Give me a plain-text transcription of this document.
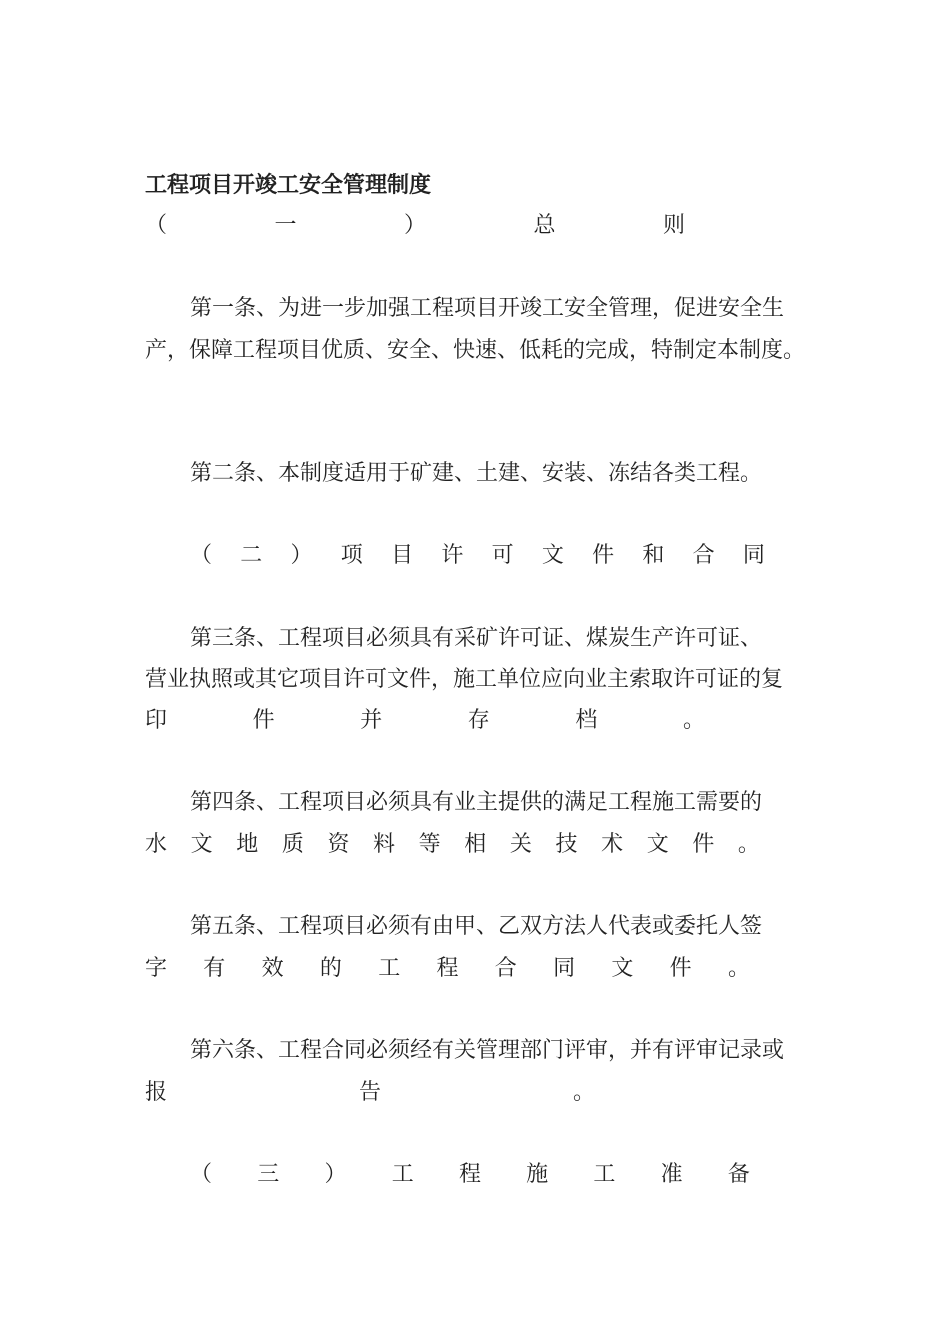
工程项目开竣工安全管理制度
（	一	）	总	则
第一条、为进一步加强工程项目开竣工安全管理，促进安全生
产，保障工程项目优质、安全、快速、低耗的完成，特制定本制度。
第二条、本制度适用于矿建、土建、安装、冻结各类工程。
（ 二 ） 项 目 许 可 文 件 和 合 同
第三条、工程项目必须具有采矿许可证、煤炭生产许可证、
营业执照或其它项目许可文件，施工单位应向业主索取许可证的复
印	件	并	存	档	。
第四条、工程项目必须具有业主提供的满足工程施工需要的
水 文 地 质 资 料 等 相 关 技 术 文 件 。
第五条、工程项目必须有由甲、乙双方法人代表或委托人签
字 有 效 的 工 程 合 同 文 件 。
第六条、工程合同必须经有关管理部门评审，并有评审记录或
报	告	。
（ 三 ） 工 程 施 工 准 备
